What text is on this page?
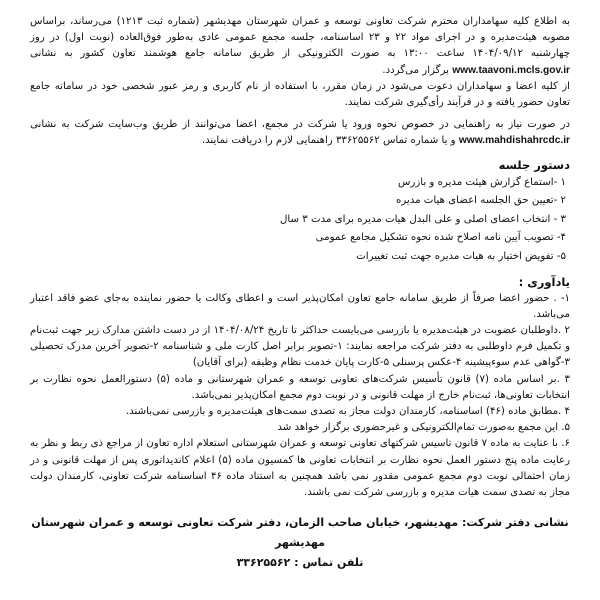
به اطلاع کلیه سهامداران محترم شرکت تعاونی توسعه و عمران شهرستان مهدیشهر (شماره ثبت ۱۲۱۳) می‌رساند، براساس مصوبه هیئت‌مدیره و در اجرای مواد ۲۲ و ۲۳ اساسنامه، جلسه مجمع عمومی عادی به‌طور فوق‌العاده (نوبت اول) در روز چهارشنبه ۱۴۰۴/۰۹/۱۲ ساعت ۱۳:۰۰ به صورت الکترونیکی از طریق سامانه جامع هوشمند تعاون کشور به نشانی www.taavoni.mcls.gov.ir برگزار می‌گردد.

از کلیه اعضا و سهامداران دعوت می‌شود در زمان مقرر، با استفاده از نام کاربری و رمز عبور شخصی خود در سامانه جامع تعاون حضور یافته و در فرآیند رأی‌گیری شرکت نمایند.

در صورت نیاز به راهنمایی در خصوص نحوه ورود یا شرکت در مجمع، اعضا می‌توانند از طریق وب‌سایت شرکت به نشانی www.mahdishahrcdc.ir و یا شماره تماس ۳۳۶۲۵۵۶۲ راهنمایی لازم را دریافت نمایند.

دستور جلسه
۱ -استماع گزارش هیئت مدیره و بازرس
۲ -تعیین حق الجلسه اعضای هیات مدیره
۳ - انتخاب اعضای اصلی و علی البدل هیات مدیره برای مدت ۳ سال
۴- تصویب آیین نامه اصلاح شده نحوه تشکیل مجامع عمومی
۵- تفویض اختیار به هیات مدیره جهت ثبت تغییرات
یادآوری :

۱- . حضور اعضا صرفاً از طریق سامانه جامع تعاون امکان‌پذیر است و اعطای وکالت یا حضور نماینده به‌جای عضو فاقد اعتبار می‌باشد.

۲ .داوطلبان عضویت در هیئت‌مدیره یا بازرسی می‌بایست حداکثر تا تاریخ ۱۴۰۴/۰۸/۲۴ از در دست داشتن مدارک زیر جهت ثبت‌نام و تکمیل فرم داوطلبی به دفتر شرکت مراجعه نمایند: ۱-تصویر برابر اصل کارت ملی و شناسنامه ۲-تصویر آخرین مدرک تحصیلی ۳-گواهی عدم سوءپیشینه ۴-عکس پرسنلی ۵-کارت پایان خدمت نظام وظیفه (برای آقایان)

۳ .بر اساس ماده (۷) قانون تأسیس شرکت‌های تعاونی توسعه و عمران شهرستانی و ماده (۵) دستورالعمل نحوه نظارت بر انتخابات تعاونی‌ها، ثبت‌نام خارج از مهلت قانونی و در نوبت دوم مجمع امکان‌پذیر نمی‌باشد.

۴ .مطابق ماده (۴۶) اساسنامه، کارمندان دولت مجاز به تصدی سمت‌های هیئت‌مدیره و بازرسی نمی‌باشند.

۵. این مجمع به‌صورت تمام‌الکترونیکی و غیرحضوری برگزار خواهد شد

۶. با عنایت به ماده ۷ قانون تاسیس شرکتهای تعاونی توسعه و عمران شهرستانی استعلام اداره تعاون از مراجع ذی ربط و نظر به رعایت ماده پنج دستور العمل نحوه نظارت بر انتخابات تعاونی ها کمسیون ماده (۵) اعلام کاندیداتوری پس از مهلت قانونی و در زمان احتمالی نوبت دوم مجمع عمومی مقدور نمی باشد همچنین به استناد ماده ۴۶ اساسنامه شرکت تعاونی، کارمندان دولت مجاز به تصدی سمت هیات مدیره و بازرسی شرکت نمی باشند.

نشانی دفتر شرکت: مهدیشهر، خیابان صاحب الزمان، دفتر شرکت تعاونی توسعه و عمران شهرستان مهدیشهر
تلفن تماس : ۳۳۶۲۵۵۶۲
